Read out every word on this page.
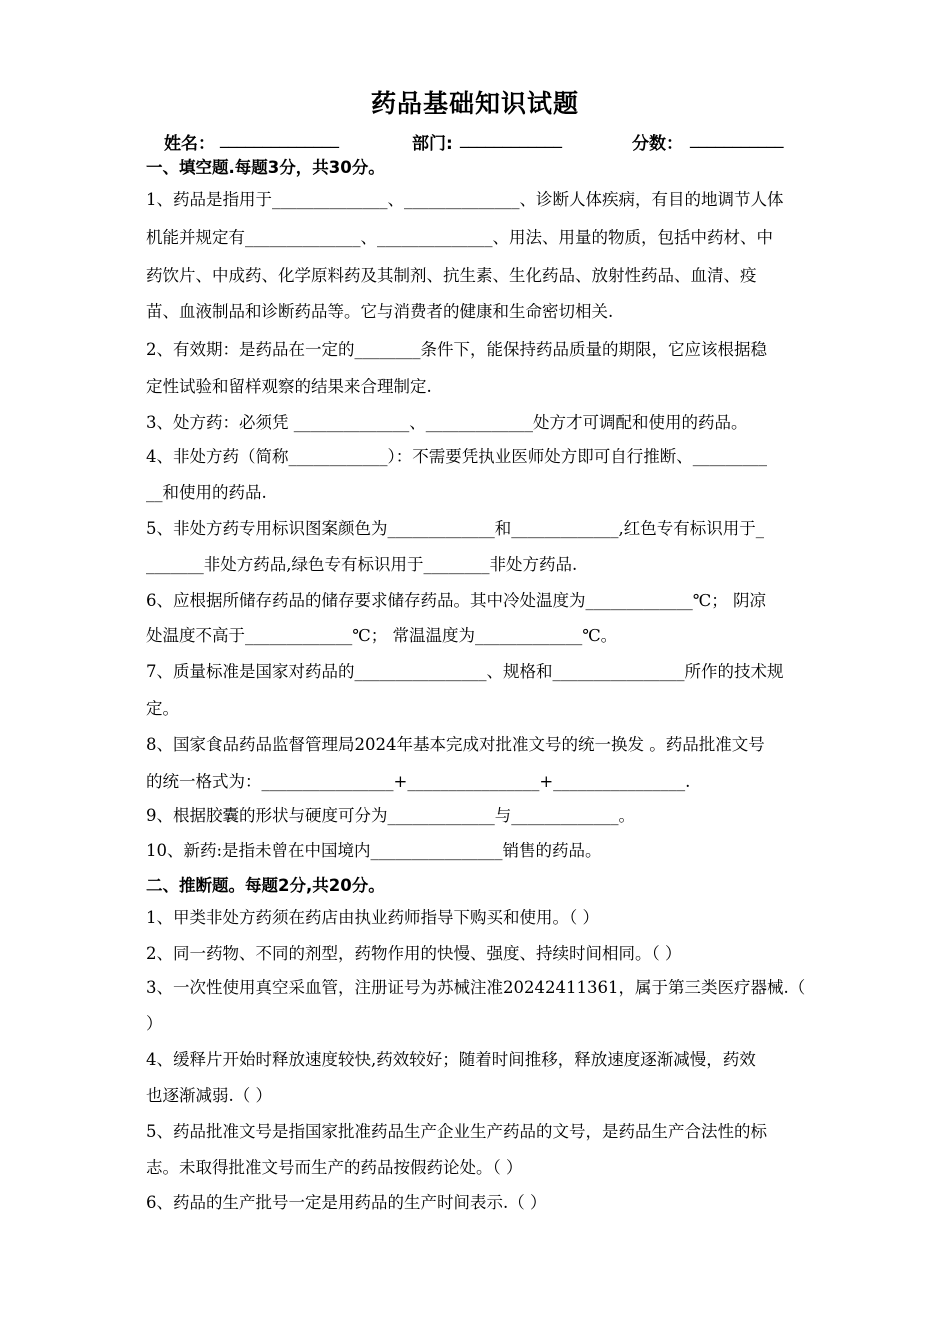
药品基础知识试题
姓名： ______________	部门: ____________	分数： ___________
一、填空题.每题3分，共30分。
1、药品是指用于______________、______________、诊断人体疾病，有目的地调节人体
机能并规定有______________、______________、用法、用量的物质，包括中药材、中
药饮片、中成药、化学原料药及其制剂、抗生素、生化药品、放射性药品、血清、疫
苗、血液制品和诊断药品等。它与消费者的健康和生命密切相关.
2、有效期：是药品在一定的________条件下，能保持药品质量的期限，它应该根据稳
定性试验和留样观察的结果来合理制定.
3、处方药：必须凭 ______________、_____________处方才可调配和使用的药品。
4、非处方药（简称____________）：不需要凭执业医师处方即可自行推断、_________
__和使用的药品.
5、非处方药专用标识图案颜色为_____________和_____________,红色专有标识用于_
_______非处方药品,绿色专有标识用于________非处方药品.
6、应根据所储存药品的储存要求储存药品。其中冷处温度为_____________℃； 阴凉
处温度不高于_____________℃； 常温温度为_____________℃。
7、质量标准是国家对药品的________________、规格和________________所作的技术规
定。
8、国家食品药品监督管理局2024年基本完成对批准文号的统一换发 。药品批准文号
的统一格式为：________________+________________+________________.
9、根据胶囊的形状与硬度可分为_____________与_____________。
10、新药:是指未曾在中国境内________________销售的药品。
二、推断题。每题2分,共20分。
1、甲类非处方药须在药店由执业药师指导下购买和使用。（ ）
2、同一药物、不同的剂型，药物作用的快慢、强度、持续时间相同。（ ）
3、一次性使用真空采血管，注册证号为苏械注准20242411361，属于第三类医疗器械.（
）
4、缓释片开始时释放速度较快,药效较好；随着时间推移，释放速度逐渐减慢，药效
也逐渐减弱.（ ）
5、药品批准文号是指国家批准药品生产企业生产药品的文号，是药品生产合法性的标
志。未取得批准文号而生产的药品按假药论处。（ ）
6、药品的生产批号一定是用药品的生产时间表示.（ ）
